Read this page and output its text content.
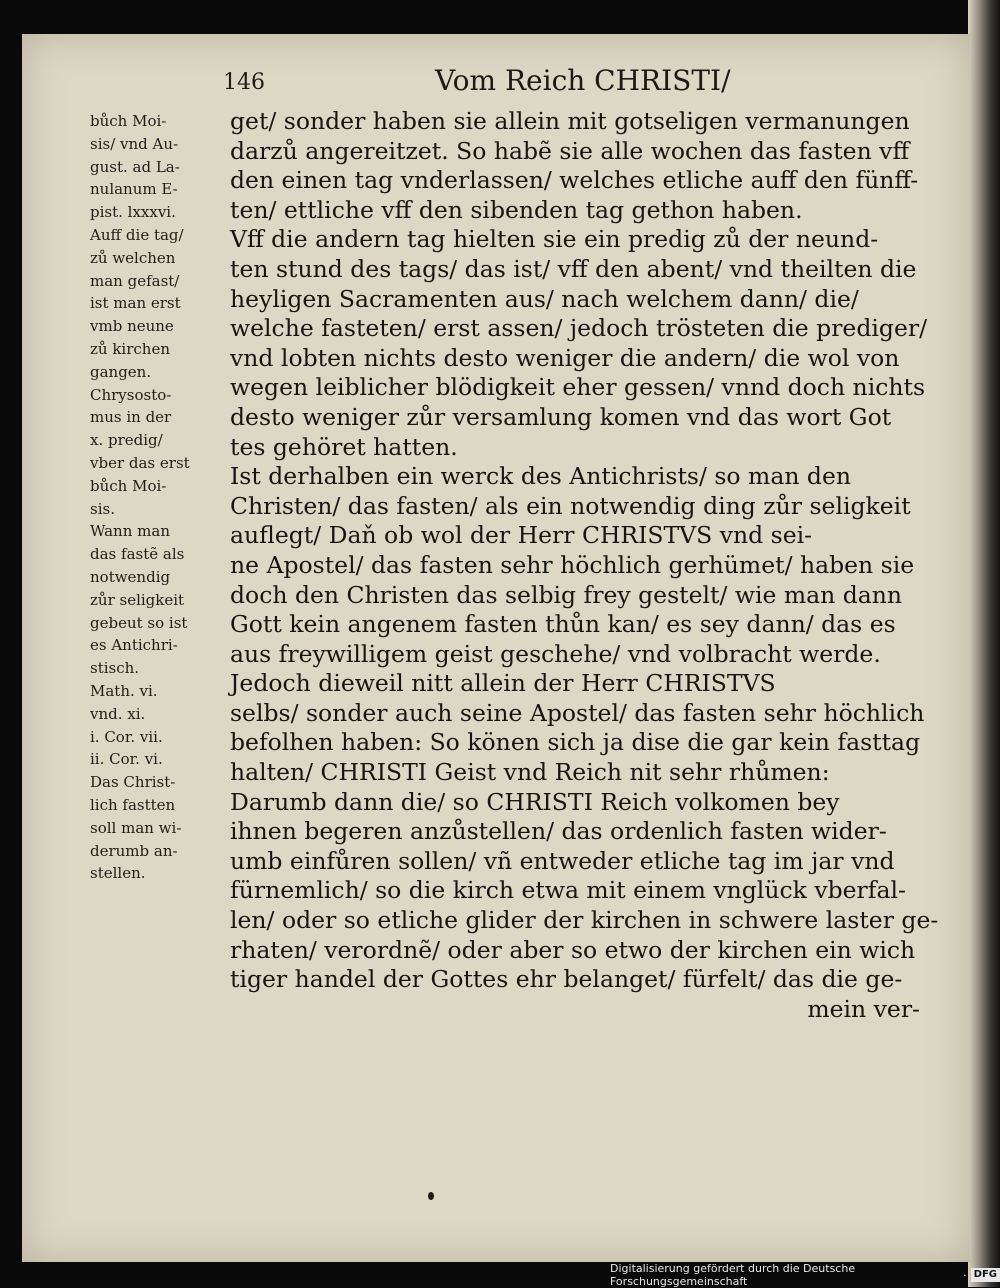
146	Vom Reich CHRISTI/
bůch Moi-
sis/ vnd Au-
gust. ad La-
nulanum E-
pist. lxxxvi.
Auff die tag/
zů welchen
man gefast/
ist man erst
vmb neune
zů kirchen
gangen.
Chrysosto-
mus in der
x. predig/
vber das erst
bůch Moi-
sis.
Wann man
das fastẽ als
notwendig
zůr seligkeit
gebeut so ist
es Antichri-
stisch.
Math. vi.
vnd. xi.
i. Cor. vii.
ii. Cor. vi.
Das Christ-
lich fastten
soll man wi-
derumb an-
stellen.
get/ sonder haben sie allein mit gotseligen vermanungen
darzů angereitzet. So habẽ sie alle wochen das fasten vff
den einen tag vnderlassen/ welches etliche auff den fünff-
ten/ ettliche vff den sibenden tag gethon haben.
Vff die andern tag hielten sie ein predig zů der neund-
ten stund des tags/ das ist/ vff den abent/ vnd theilten die
heyligen Sacramenten aus/ nach welchem dann/ die/
welche fasteten/ erst assen/ jedoch trösteten die prediger/
vnd lobten nichts desto weniger die andern/ die wol von
wegen leiblicher blödigkeit eher gessen/ vnnd doch nichts
desto weniger zůr versamlung komen vnd das wort Got
tes gehöret hatten.
Ist derhalben ein werck des Antichrists/ so man den
Christen/ das fasten/ als ein notwendig ding zůr seligkeit
auflegt/ Daň ob wol der Herr CHRISTVS vnd sei-
ne Apostel/ das fasten sehr höchlich gerhümet/ haben sie
doch den Christen das selbig frey gestelt/ wie man dann
Gott kein angenem fasten thůn kan/ es sey dann/ das es
aus freywilligem geist geschehe/ vnd volbracht werde.
Jedoch dieweil nitt allein der Herr CHRISTVS
selbs/ sonder auch seine Apostel/ das fasten sehr höchlich
befolhen haben: So könen sich ja dise die gar kein fasttag
halten/ CHRISTI Geist vnd Reich nit sehr rhůmen:
Darumb dann die/ so CHRISTI Reich volkomen bey
ihnen begeren anzůstellen/ das ordenlich fasten wider-
umb einfůren sollen/ vñ entweder etliche tag im jar vnd
fürnemlich/ so die kirch etwa mit einem vnglück vberfal-
len/ oder so etliche glider der kirchen in schwere laster ge-
rhaten/ verordnẽ/ oder aber so etwo der kirchen ein wich
tiger handel der Gottes ehr belanget/ fürfelt/ das die ge-
mein ver-
Digitalisierung gefördert durch die Deutsche Forschungsgemeinschaft	· DFG
